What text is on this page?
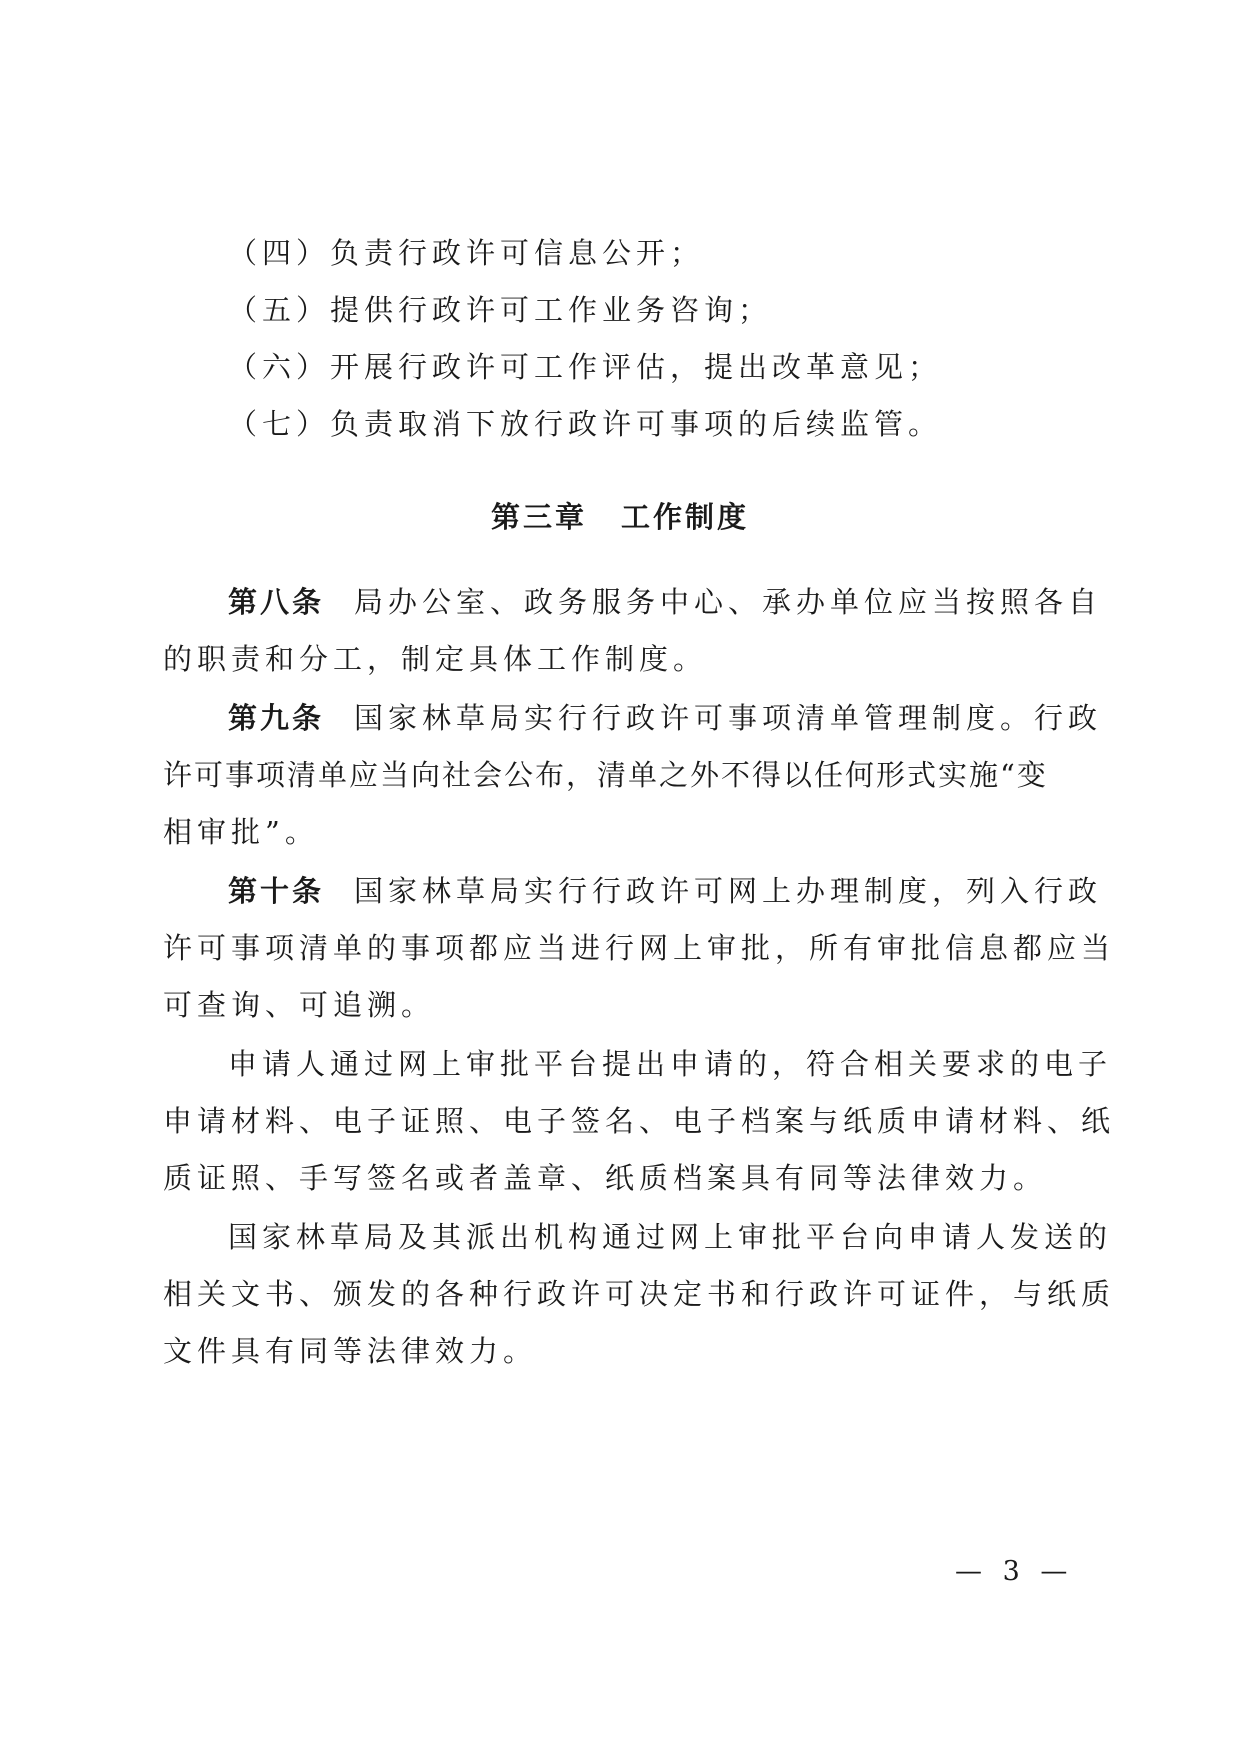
（四）负责行政许可信息公开；
（五）提供行政许可工作业务咨询；
（六）开展行政许可工作评估，提出改革意见；
（七）负责取消下放行政许可事项的后续监管。
第三章 工作制度
第八条 局办公室、政务服务中心、承办单位应当按照各自
的职责和分工，制定具体工作制度。
第九条 国家林草局实行行政许可事项清单管理制度。行政
许可事项清单应当向社会公布，清单之外不得以任何形式实施“变
相审批”。
第十条 国家林草局实行行政许可网上办理制度，列入行政
许可事项清单的事项都应当进行网上审批，所有审批信息都应当
可查询、可追溯。
申请人通过网上审批平台提出申请的，符合相关要求的电子
申请材料、电子证照、电子签名、电子档案与纸质申请材料、纸
质证照、手写签名或者盖章、纸质档案具有同等法律效力。
国家林草局及其派出机构通过网上审批平台向申请人发送的
相关文书、颁发的各种行政许可决定书和行政许可证件，与纸质
文件具有同等法律效力。
— 3 —
